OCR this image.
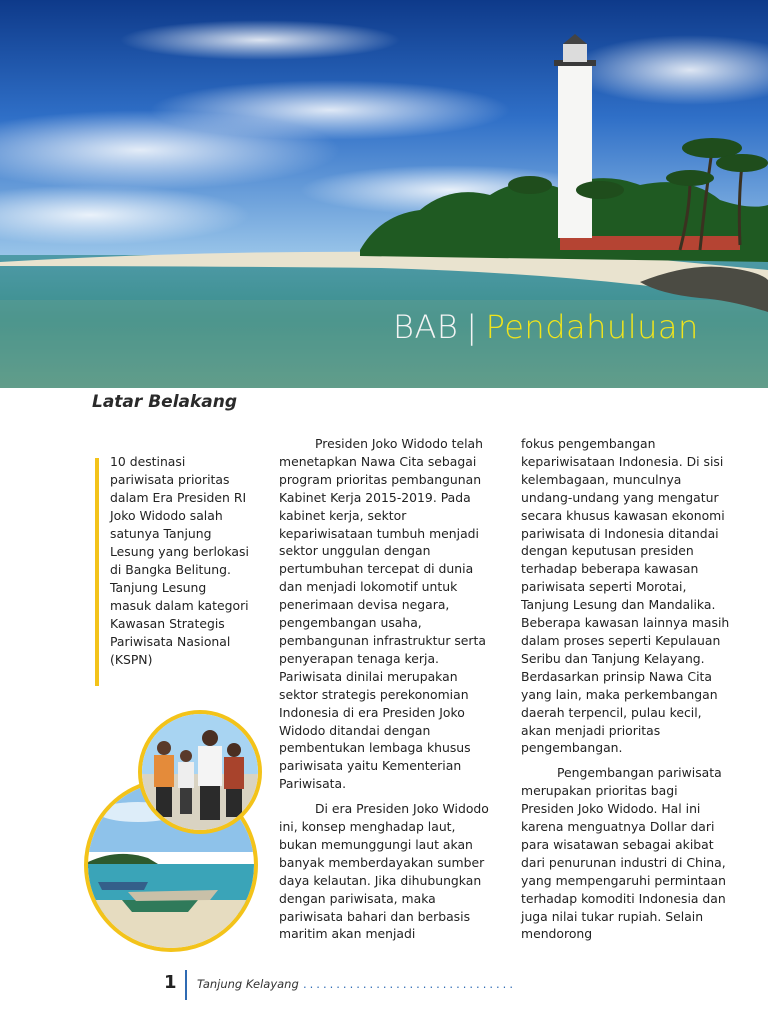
BAB | Pendahuluan
Latar Belakang
10 destinasi pariwisata prioritas dalam Era Presiden RI Joko Widodo salah satunya Tanjung Lesung yang berlokasi di Bangka Belitung. Tanjung Lesung masuk dalam kategori Kawasan Strategis Pariwisata Nasional (KSPN)

Presiden Joko Widodo telah menetapkan Nawa Cita sebagai program prioritas pembangunan Kabinet Kerja 2015-2019. Pada kabinet kerja, sektor kepariwisataan tumbuh menjadi sektor unggulan dengan pertumbuhan tercepat di dunia dan menjadi lokomotif untuk penerimaan devisa negara, pengembangan usaha, pembangunan infrastruktur serta penyerapan tenaga kerja. Pariwisata dinilai merupakan sektor strategis perekonomian Indonesia di era Presiden Joko Widodo ditandai dengan pembentukan lembaga khusus pariwisata yaitu Kementerian Pariwisata.

Di era Presiden Joko Widodo ini, konsep menghadap laut, bukan memunggungi laut akan banyak memberdayakan sumber daya kelautan. Jika dihubungkan dengan pariwisata, maka pariwisata bahari dan berbasis maritim akan menjadi

fokus pengembangan kepariwisataan Indonesia. Di sisi kelembagaan, munculnya undang-undang yang mengatur secara khusus kawasan ekonomi pariwisata di Indonesia ditandai dengan keputusan presiden terhadap beberapa kawasan pariwisata seperti Morotai, Tanjung Lesung dan Mandalika. Beberapa kawasan lainnya masih dalam proses seperti Kepulauan Seribu dan Tanjung Kelayang. Berdasarkan prinsip Nawa Cita yang lain, maka perkembangan daerah terpencil, pulau kecil, akan menjadi prioritas pengembangan.

Pengembangan pariwisata merupakan prioritas bagi Presiden Joko Widodo. Hal ini karena menguatnya Dollar dari para wisatawan sebagai akibat dari penurunan industri di China, yang mempengaruhi permintaan terhadap komoditi Indonesia dan juga nilai tukar rupiah. Selain mendorong

1 Tanjung Kelayang ................................
